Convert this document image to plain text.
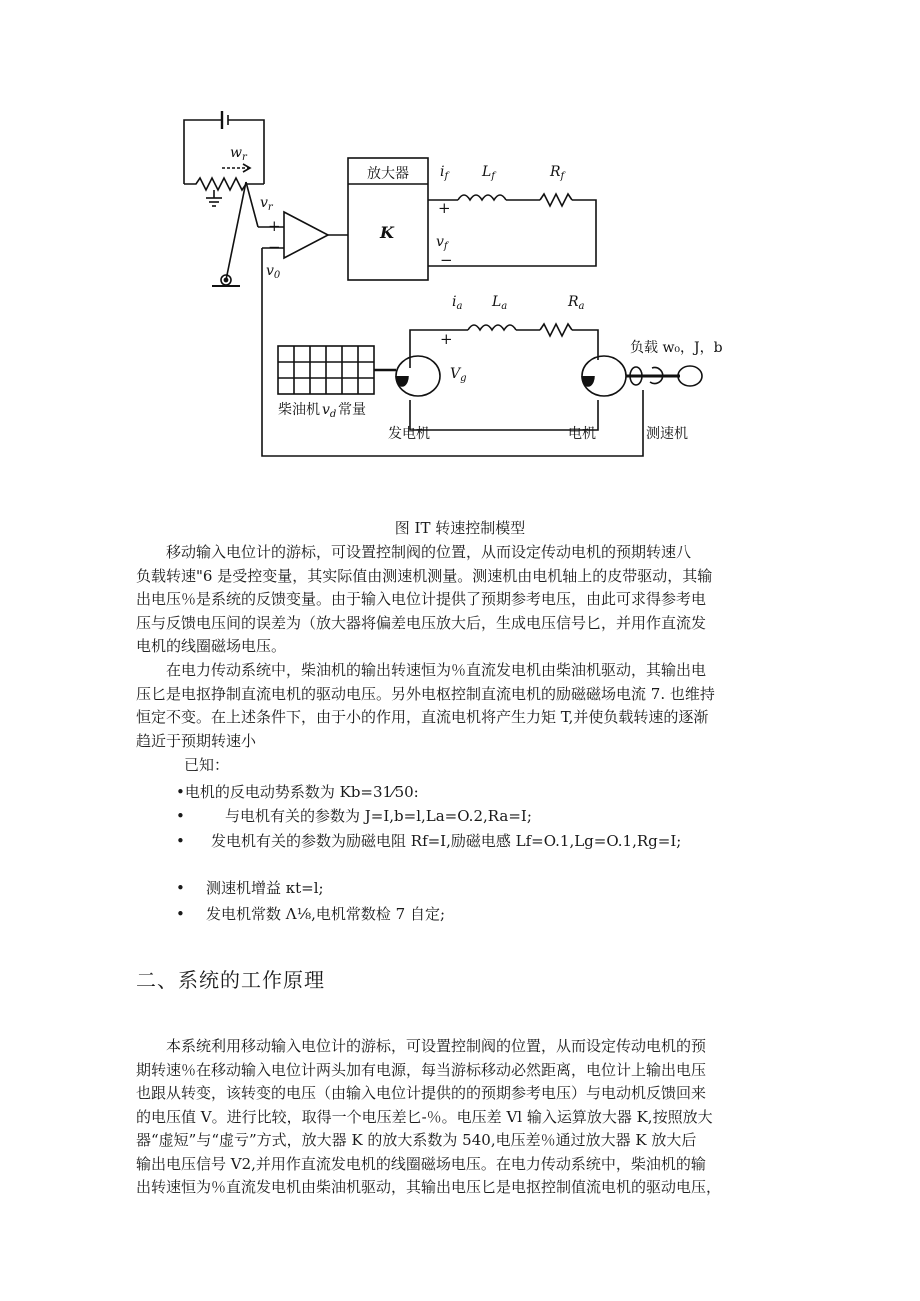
$w_r$
$v_r$
$v_0$
$i_f$ $L_f$	$R_f$
$v_f$
$i_a$ $L_a$	$R_a$
$V_g$
$v_d$
+
−
+
−
+
放大器
负载 w₀，J，b
柴油机 常量
发电机	电机	测速机
K
图 IT 转速控制模型
　　移动输入电位计的游标，可设置控制阀的位置，从而设定传动电机的预期转速八
负载转速"6 是受控变量，其实际值由测速机测量。测速机由电机轴上的皮带驱动，其输
出电压％是系统的反馈变量。由于输入电位计提供了预期参考电压，由此可求得参考电
压与反馈电压间的误差为（放大器将偏差电压放大后，生成电压信号匕，并用作直流发
电机的线圈磁场电压。
　　在电力传动系统中，柴油机的输出转速恒为％直流发电机由柴油机驱动，其输出电
压匕是电抠挣制直流电机的驱动电压。另外电枢控制直流电机的励磁磁场电流 7. 也维持
恒定不变。在上述条件下，由于小的作用，直流电机将产生力矩 T,并使负载转速的逐渐
趋近于预期转速小
已知：
•电机的反电动势系数为 Kb=31⁄50:
•	与电机有关的参数为 J=I,b=l,La=O.2,Ra=I;
• 发电机有关的参数为励磁电阻 Rf=I,励磁电感 Lf=O.1,Lg=O.1,Rg=I;
• 测速机增益 κt=l;
• 发电机常数 Λ⅛,电机常数检 7 自定;
二、系统的工作原理
　　本系统利用移动输入电位计的游标，可设置控制阀的位置，从而设定传动电机的预
期转速％在移动输入电位计两头加有电源，每当游标移动必然距离，电位计上输出电压
也跟从转变，该转变的电压（由输入电位计提供的的预期参考电压）与电动机反馈回来
的电压值 V。进行比较，取得一个电压差匕-％。电压差 Vl 输入运算放大器 K,按照放大
器“虚短”与“虚亏”方式，放大器 K 的放大系数为 540,电压差％通过放大器 K 放大后
输出电压信号 V2,并用作直流发电机的线圈磁场电压。在电力传动系统中，柴油机的输
出转速恒为％直流发电机由柴油机驱动，其输出电压匕是电抠控制值流电机的驱动电压，
